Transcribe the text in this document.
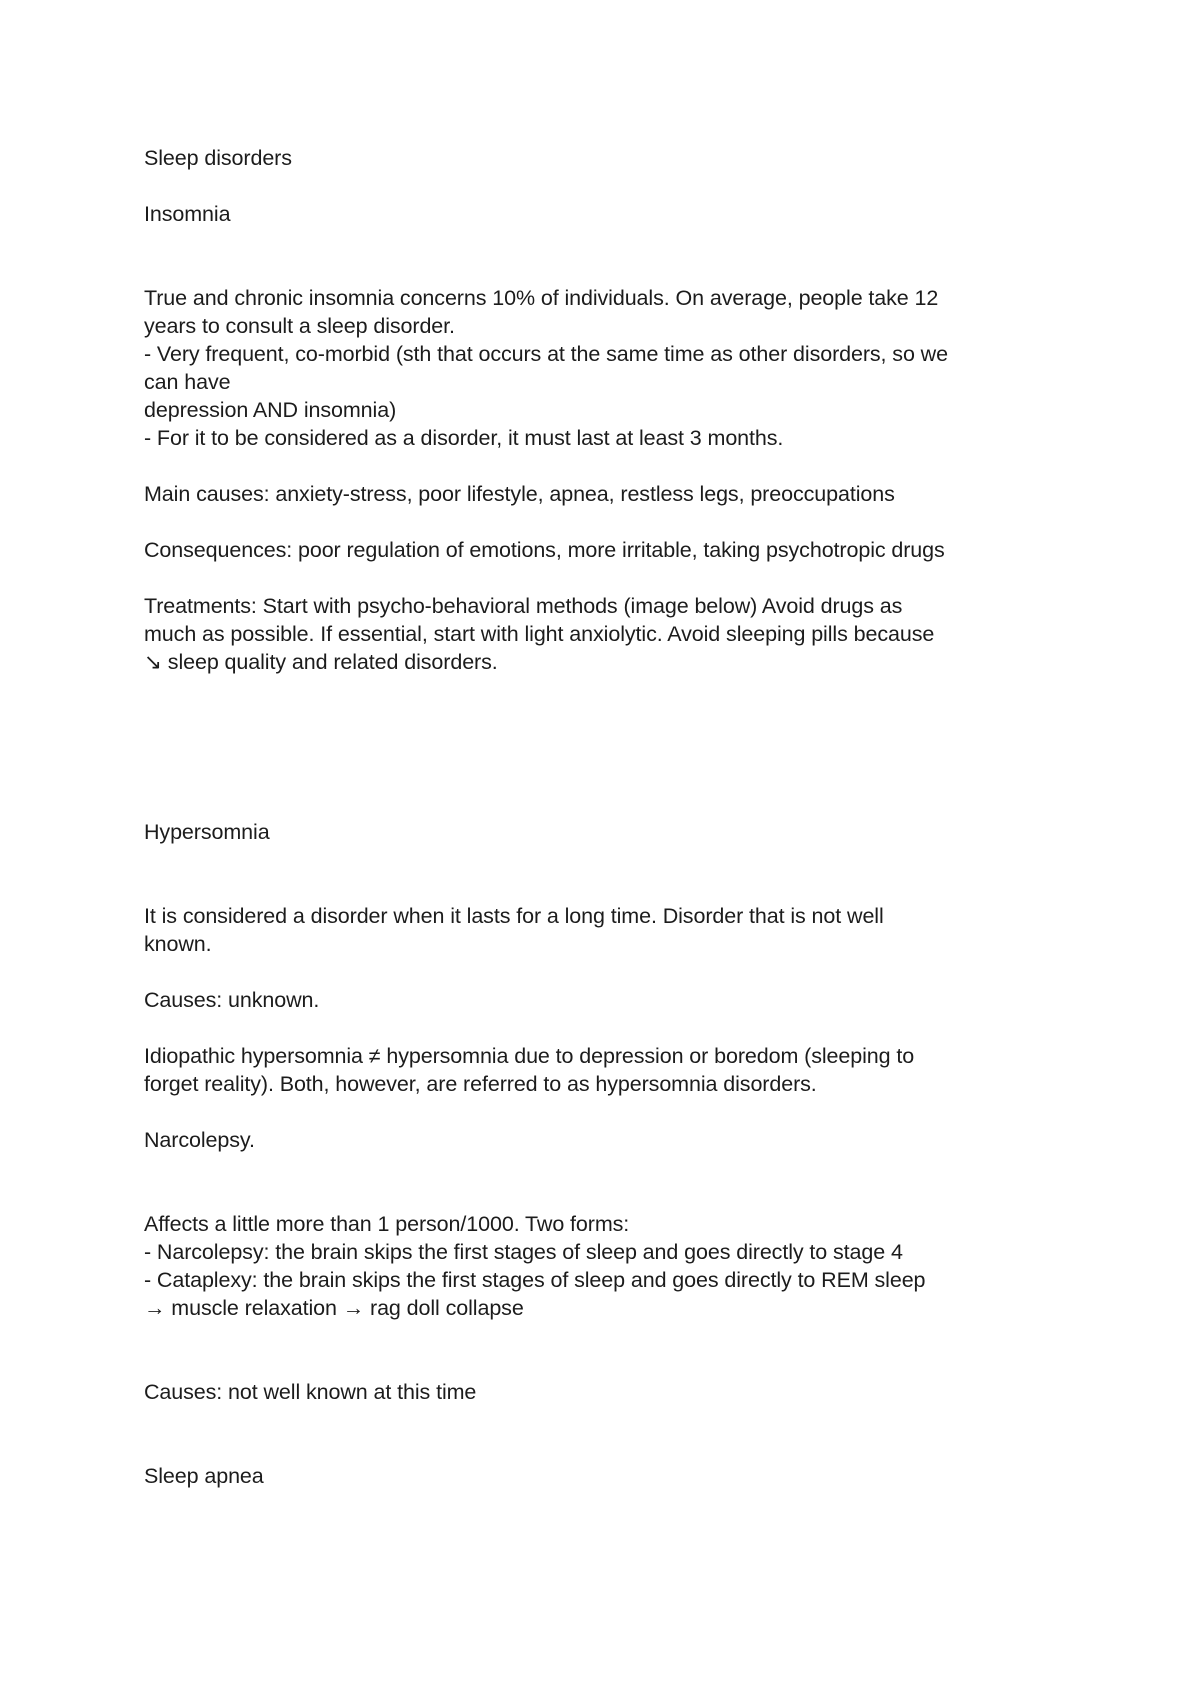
Sleep disorders

Insomnia

True and chronic insomnia concerns 10% of individuals. On average, people take 12

years to consult a sleep disorder.

- Very frequent, co-morbid (sth that occurs at the same time as other disorders, so we

can have

depression AND insomnia)

- For it to be considered as a disorder, it must last at least 3 months.

Main causes: anxiety-stress, poor lifestyle, apnea, restless legs, preoccupations

Consequences: poor regulation of emotions, more irritable, taking psychotropic drugs

Treatments: Start with psycho-behavioral methods (image below) Avoid drugs as

much as possible. If essential, start with light anxiolytic. Avoid sleeping pills because

↘ sleep quality and related disorders.

Hypersomnia

It is considered a disorder when it lasts for a long time. Disorder that is not well

known.

Causes: unknown.

Idiopathic hypersomnia ≠ hypersomnia due to depression or boredom (sleeping to

forget reality). Both, however, are referred to as hypersomnia disorders.

Narcolepsy.

Affects a little more than 1 person/1000. Two forms:

- Narcolepsy: the brain skips the first stages of sleep and goes directly to stage 4

- Cataplexy: the brain skips the first stages of sleep and goes directly to REM sleep

→ muscle relaxation → rag doll collapse

Causes: not well known at this time

Sleep apnea
